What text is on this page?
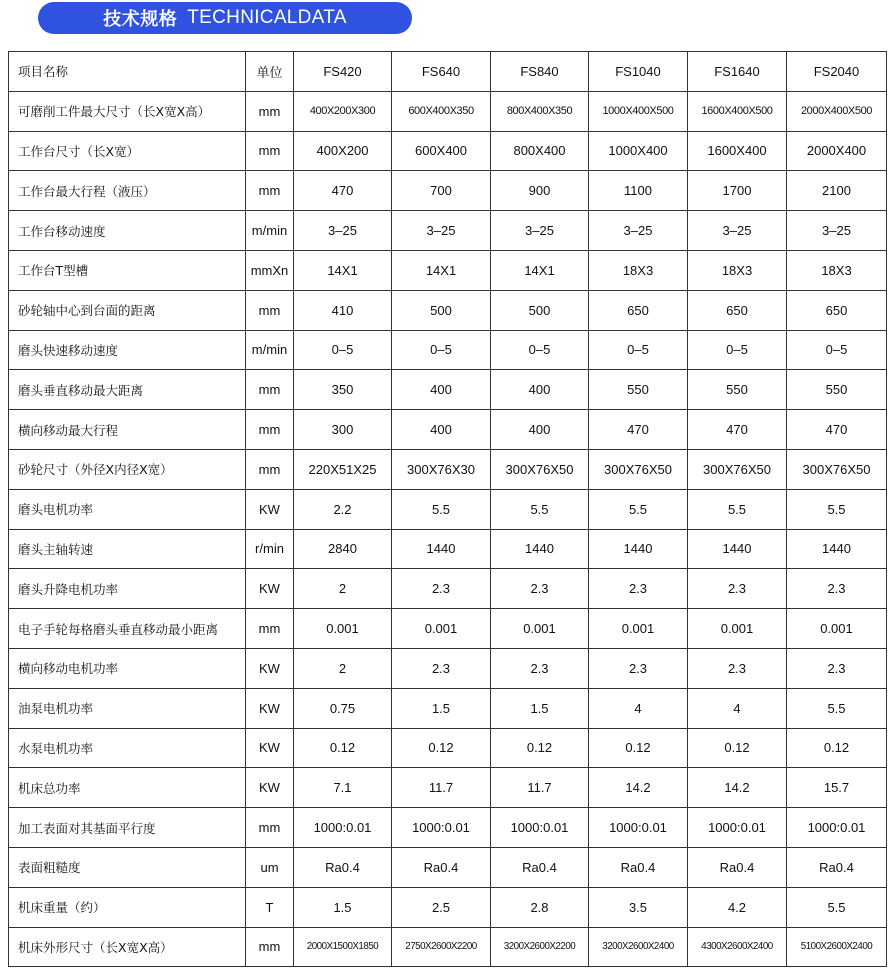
技术规格 TECHNICALDATA
项目名称	单位	FS420	FS640	FS840	FS1040	FS1640	FS2040
可磨削工件最大尺寸（长X宽X高）	mm	400X200X300	600X400X350	800X400X350	1000X400X500	1600X400X500	2000X400X500
工作台尺寸（长X宽）	mm	400X200	600X400	800X400	1000X400	1600X400	2000X400
工作台最大行程（液压）	mm	470	700	900	1100	1700	2100
工作台移动速度	m/min	3–25	3–25	3–25	3–25	3–25	3–25
工作台T型槽	mmXn	14X1	14X1	14X1	18X3	18X3	18X3
砂轮轴中心到台面的距离	mm	410	500	500	650	650	650
磨头快速移动速度	m/min	0–5	0–5	0–5	0–5	0–5	0–5
磨头垂直移动最大距离	mm	350	400	400	550	550	550
横向移动最大行程	mm	300	400	400	470	470	470
砂轮尺寸（外径X内径X宽）	mm	220X51X25	300X76X30	300X76X50	300X76X50	300X76X50	300X76X50
磨头电机功率	KW	2.2	5.5	5.5	5.5	5.5	5.5
磨头主轴转速	r/min	2840	1440	1440	1440	1440	1440
磨头升降电机功率	KW	2	2.3	2.3	2.3	2.3	2.3
电子手轮每格磨头垂直移动最小距离	mm	0.001	0.001	0.001	0.001	0.001	0.001
横向移动电机功率	KW	2	2.3	2.3	2.3	2.3	2.3
油泵电机功率	KW	0.75	1.5	1.5	4	4	5.5
水泵电机功率	KW	0.12	0.12	0.12	0.12	0.12	0.12
机床总功率	KW	7.1	11.7	11.7	14.2	14.2	15.7
加工表面对其基面平行度	mm	1000:0.01	1000:0.01	1000:0.01	1000:0.01	1000:0.01	1000:0.01
表面粗糙度	um	Ra0.4	Ra0.4	Ra0.4	Ra0.4	Ra0.4	Ra0.4
机床重量（约）	T	1.5	2.5	2.8	3.5	4.2	5.5
机床外形尺寸（长X宽X高）	mm	2000X1500X1850	2750X2600X2200	3200X2600X2200	3200X2600X2400	4300X2600X2400	5100X2600X2400
